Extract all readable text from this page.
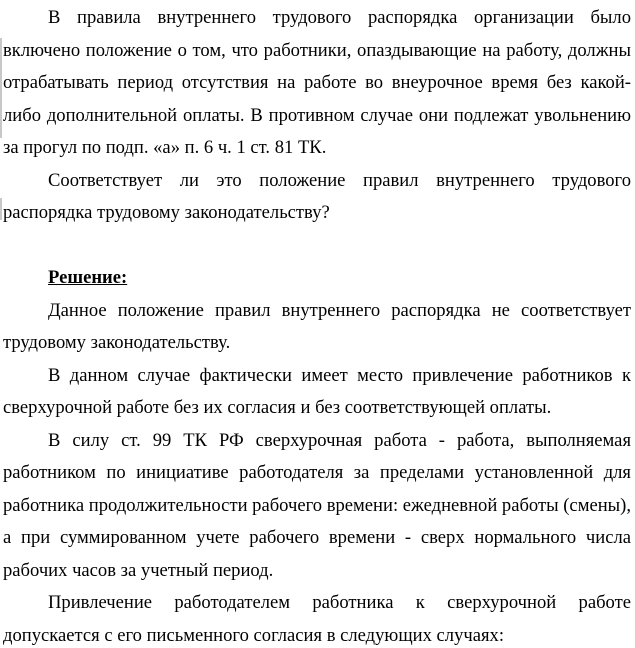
В правила внутреннего трудового распорядка организации было включено положение о том, что работники, опаздывающие на работу, должны отрабатывать период отсутствия на работе во внеурочное время без какой-либо дополнительной оплаты. В противном случае они подлежат увольнению за прогул по подп. «а» п. 6 ч. 1 ст. 81 ТК.

Соответствует ли это положение правил внутреннего трудового распорядка трудовому законодательству?

Решение:

Данное положение правил внутреннего распорядка не соответствует трудовому законодательству.

В данном случае фактически имеет место привлечение работников к сверхурочной работе без их согласия и без соответствующей оплаты.

В силу ст. 99 ТК РФ сверхурочная работа - работа, выполняемая работником по инициативе работодателя за пределами установленной для работника продолжительности рабочего времени: ежедневной работы (смены), а при суммированном учете рабочего времени - сверх нормального числа рабочих часов за учетный период.

Привлечение работодателем работника к сверхурочной работе допускается с его письменного согласия в следующих случаях:
